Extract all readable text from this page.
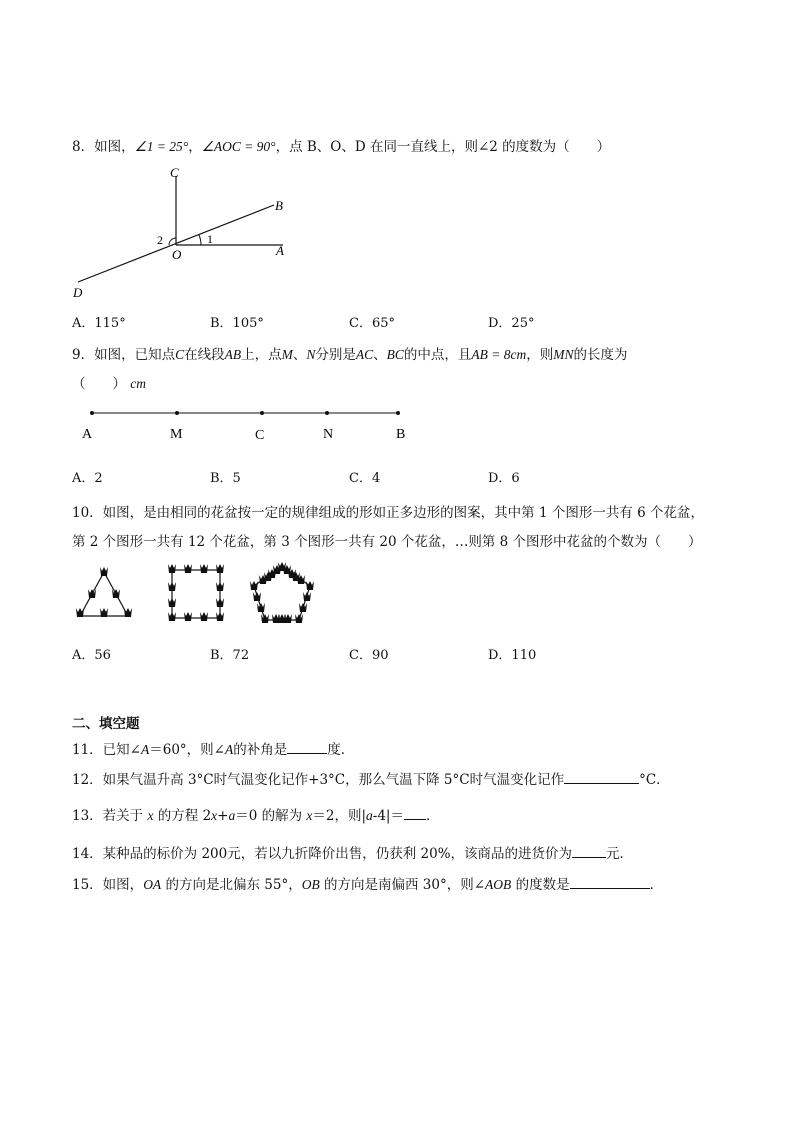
8．如图，∠1 = 25°，∠AOC = 90°，点 B、O、D 在同一直线上，则∠2 的度数为（　　）
C
B
A
O
D
1
2
A．115°	B．105°	C．65°	D．25°
9．如图，已知点C在线段AB上，点M、N分别是AC、BC的中点，且AB = 8cm，则MN的长度为
（　　） cm
A	M	C	N	B
A．2	B．5	C．4	D．6
10．如图，是由相同的花盆按一定的规律组成的形如正多边形的图案，其中第 1 个图形一共有 6 个花盆，
第 2 个图形一共有 12 个花盆，第 3 个图形一共有 20 个花盆，…则第 8 个图形中花盆的个数为（　　）
A．56	B．72	C．90	D．110
二、填空题
11．已知∠A＝60°，则∠A的补角是	度．
12．如果气温升高 3°C时气温变化记作+3°C，那么气温下降 5°C时气温变化记作	°C．
13．若关于 x 的方程 2x+a＝0 的解为 x＝2，则|a-4|＝ ．
14．某种品的标价为 200元，若以九折降价出售，仍获利 20%，该商品的进货价为	元．
15．如图，OA 的方向是北偏东 55°，OB 的方向是南偏西 30°，则∠AOB 的度数是	．
